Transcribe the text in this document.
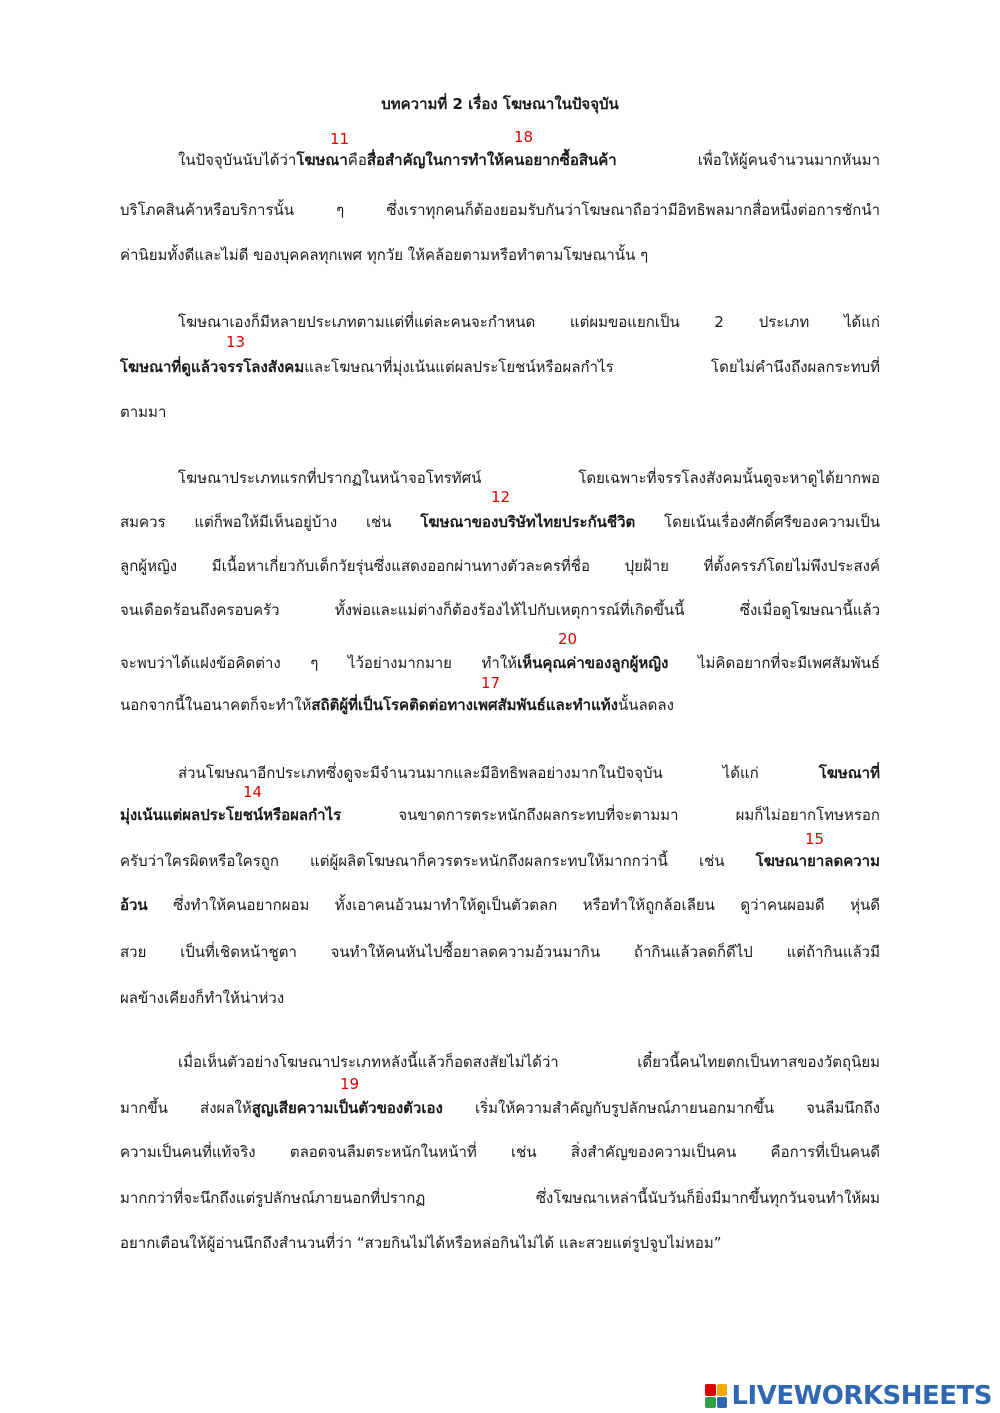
บทความที่ 2 เรื่อง โฆษณาในปัจจุบัน
ในปัจจุบันนับได้ว่าโฆษณาคือสื่อสำคัญในการทำให้คนอยากซื้อสินค้า เพื่อให้ผู้คนจำนวนมากหันมา
บริโภคสินค้าหรือบริการนั้น ๆ ซึ่งเราทุกคนก็ต้องยอมรับกันว่าโฆษณาถือว่ามีอิทธิพลมากสื่อหนึ่งต่อการชักนำ
ค่านิยมทั้งดีและไม่ดี ของบุคคลทุกเพศ ทุกวัย ให้คล้อยตามหรือทำตามโฆษณานั้น ๆ
โฆษณาเองก็มีหลายประเภทตามแต่ที่แต่ละคนจะกำหนด แต่ผมขอแยกเป็น 2 ประเภท ได้แก่
โฆษณาที่ดูแล้วจรรโลงสังคมและโฆษณาที่มุ่งเน้นแต่ผลประโยชน์หรือผลกำไร โดยไม่คำนึงถึงผลกระทบที่
ตามมา
โฆษณาประเภทแรกที่ปรากฏในหน้าจอโทรทัศน์ โดยเฉพาะที่จรรโลงสังคมนั้นดูจะหาดูได้ยากพอ
สมควร แต่ก็พอให้มีเห็นอยู่บ้าง เช่น โฆษณาของบริษัทไทยประกันชีวิต โดยเน้นเรื่องศักดิ์ศรีของความเป็น
ลูกผู้หญิง มีเนื้อหาเกี่ยวกับเด็กวัยรุ่นซึ่งแสดงออกผ่านทางตัวละครที่ชื่อ ปุยฝ้าย ที่ตั้งครรภ์โดยไม่พึงประสงค์
จนเดือดร้อนถึงครอบครัว ทั้งพ่อและแม่ต่างก็ต้องร้องไห้ไปกับเหตุการณ์ที่เกิดขึ้นนี้ ซึ่งเมื่อดูโฆษณานี้แล้ว
จะพบว่าได้แฝงข้อคิดต่าง ๆ ไว้อย่างมากมาย ทำให้เห็นคุณค่าของลูกผู้หญิง ไม่คิดอยากที่จะมีเพศสัมพันธ์
นอกจากนี้ในอนาคตก็จะทำให้สถิติผู้ที่เป็นโรคติดต่อทางเพศสัมพันธ์และทำแท้งนั้นลดลง
ส่วนโฆษณาอีกประเภทซึ่งดูจะมีจำนวนมากและมีอิทธิพลอย่างมากในปัจจุบัน ได้แก่ โฆษณาที่
มุ่งเน้นแต่ผลประโยชน์หรือผลกำไร จนขาดการตระหนักถึงผลกระทบที่จะตามมา ผมก็ไม่อยากโทษหรอก
ครับว่าใครผิดหรือใครถูก แต่ผู้ผลิตโฆษณาก็ควรตระหนักถึงผลกระทบให้มากกว่านี้ เช่น โฆษณายาลดความ
อ้วน ซึ่งทำให้คนอยากผอม ทั้งเอาคนอ้วนมาทำให้ดูเป็นตัวตลก หรือทำให้ถูกล้อเลียน ดูว่าคนผอมดี หุ่นดี
สวย เป็นที่เชิดหน้าชูตา จนทำให้คนหันไปซื้อยาลดความอ้วนมากิน ถ้ากินแล้วลดก็ดีไป แต่ถ้ากินแล้วมี
ผลข้างเคียงก็ทำให้น่าห่วง
เมื่อเห็นตัวอย่างโฆษณาประเภทหลังนี้แล้วก็อดสงสัยไม่ได้ว่า เดี๋ยวนี้คนไทยตกเป็นทาสของวัตถุนิยม
มากขึ้น ส่งผลให้สูญเสียความเป็นตัวของตัวเอง เริ่มให้ความสำคัญกับรูปลักษณ์ภายนอกมากขึ้น จนลืมนึกถึง
ความเป็นคนที่แท้จริง ตลอดจนลืมตระหนักในหน้าที่ เช่น สิ่งสำคัญของความเป็นคน คือการที่เป็นคนดี
มากกว่าที่จะนึกถึงแต่รูปลักษณ์ภายนอกที่ปรากฏ ซึ่งโฆษณาเหล่านี้นับวันก็ยิ่งมีมากขึ้นทุกวันจนทำให้ผม
อยากเตือนให้ผู้อ่านนึกถึงสำนวนที่ว่า “สวยกินไม่ได้หรือหล่อกินไม่ได้ และสวยแต่รูปจูบไม่หอม”
11	18
13
12
20
17
14
15
19
LIVEWORKSHEETS
